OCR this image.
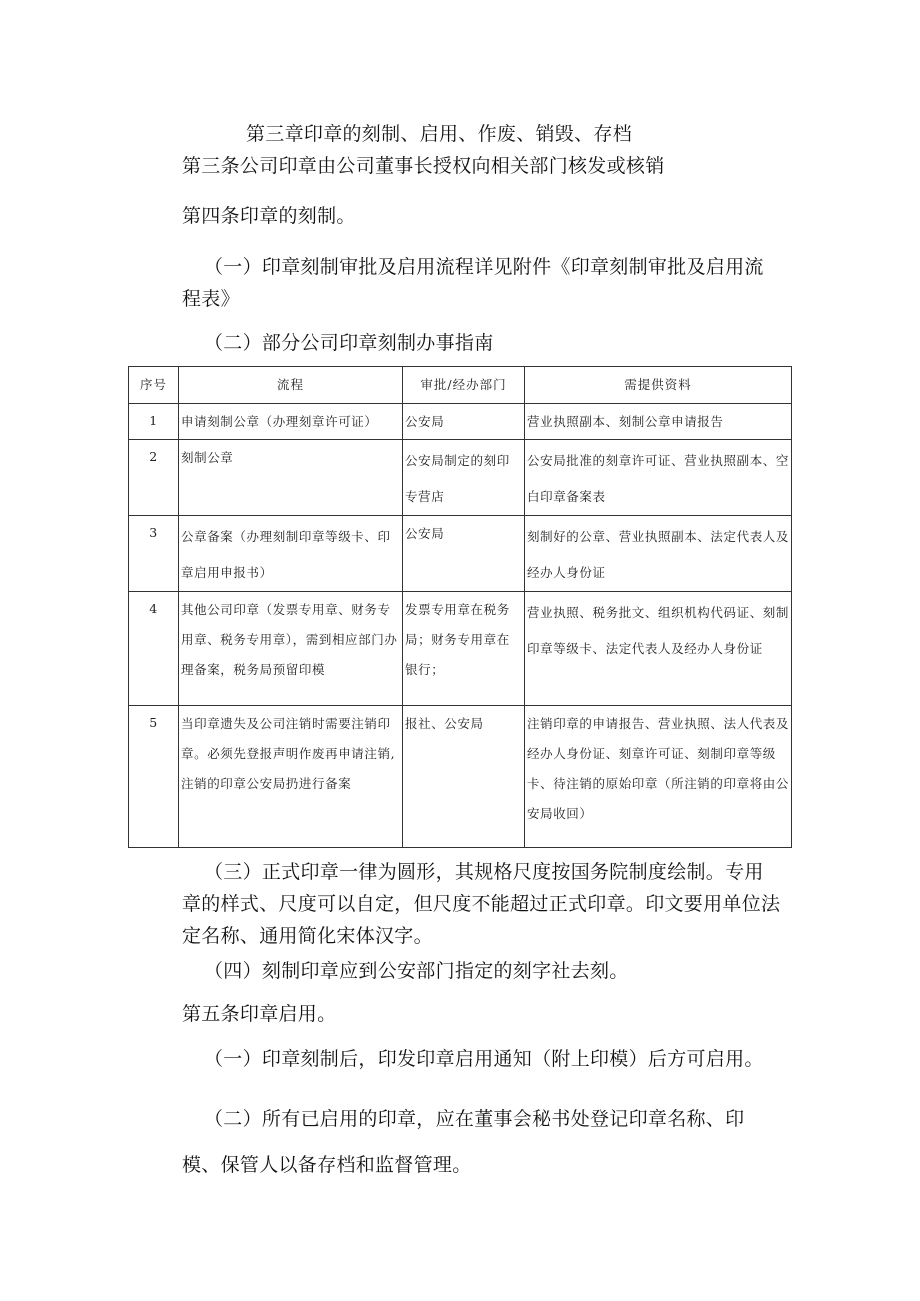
第三章印章的刻制、启用、作废、销毁、存档
第三条公司印章由公司董事长授权向相关部门核发或核销
第四条印章的刻制。
（一）印章刻制审批及启用流程详见附件《印章刻制审批及启用流程表》
（二）部分公司印章刻制办事指南
序号	流程	审批/经办部门	需提供资料
1	申请刻制公章（办理刻章许可证）	公安局	营业执照副本、刻制公章申请报告
2	刻制公章	公安局制定的刻印专营店	公安局批准的刻章许可证、营业执照副本、空白印章备案表
3	公章备案（办理刻制印章等级卡、印章启用申报书）	公安局	刻制好的公章、营业执照副本、法定代表人及经办人身份证
4	其他公司印章（发票专用章、财务专用章、税务专用章），需到相应部门办理备案，税务局预留印模	发票专用章在税务局；财务专用章在银行；	营业执照、税务批文、组织机构代码证、刻制印章等级卡、法定代表人及经办人身份证
5	当印章遗失及公司注销时需要注销印章。必须先登报声明作废再申请注销,注销的印章公安局扔进行备案	报社、公安局	注销印章的申请报告、营业执照、法人代表及经办人身份证、刻章许可证、刻制印章等级卡、待注销的原始印章（所注销的印章将由公安局收回）
（三）正式印章一律为圆形，其规格尺度按国务院制度绘制。专用章的样式、尺度可以自定，但尺度不能超过正式印章。印文要用单位法定名称、通用简化宋体汉字。
（四）刻制印章应到公安部门指定的刻字社去刻。
第五条印章启用。
（一）印章刻制后，印发印章启用通知（附上印模）后方可启用。
（二）所有已启用的印章，应在董事会秘书处登记印章名称、印模、保管人以备存档和监督管理。
